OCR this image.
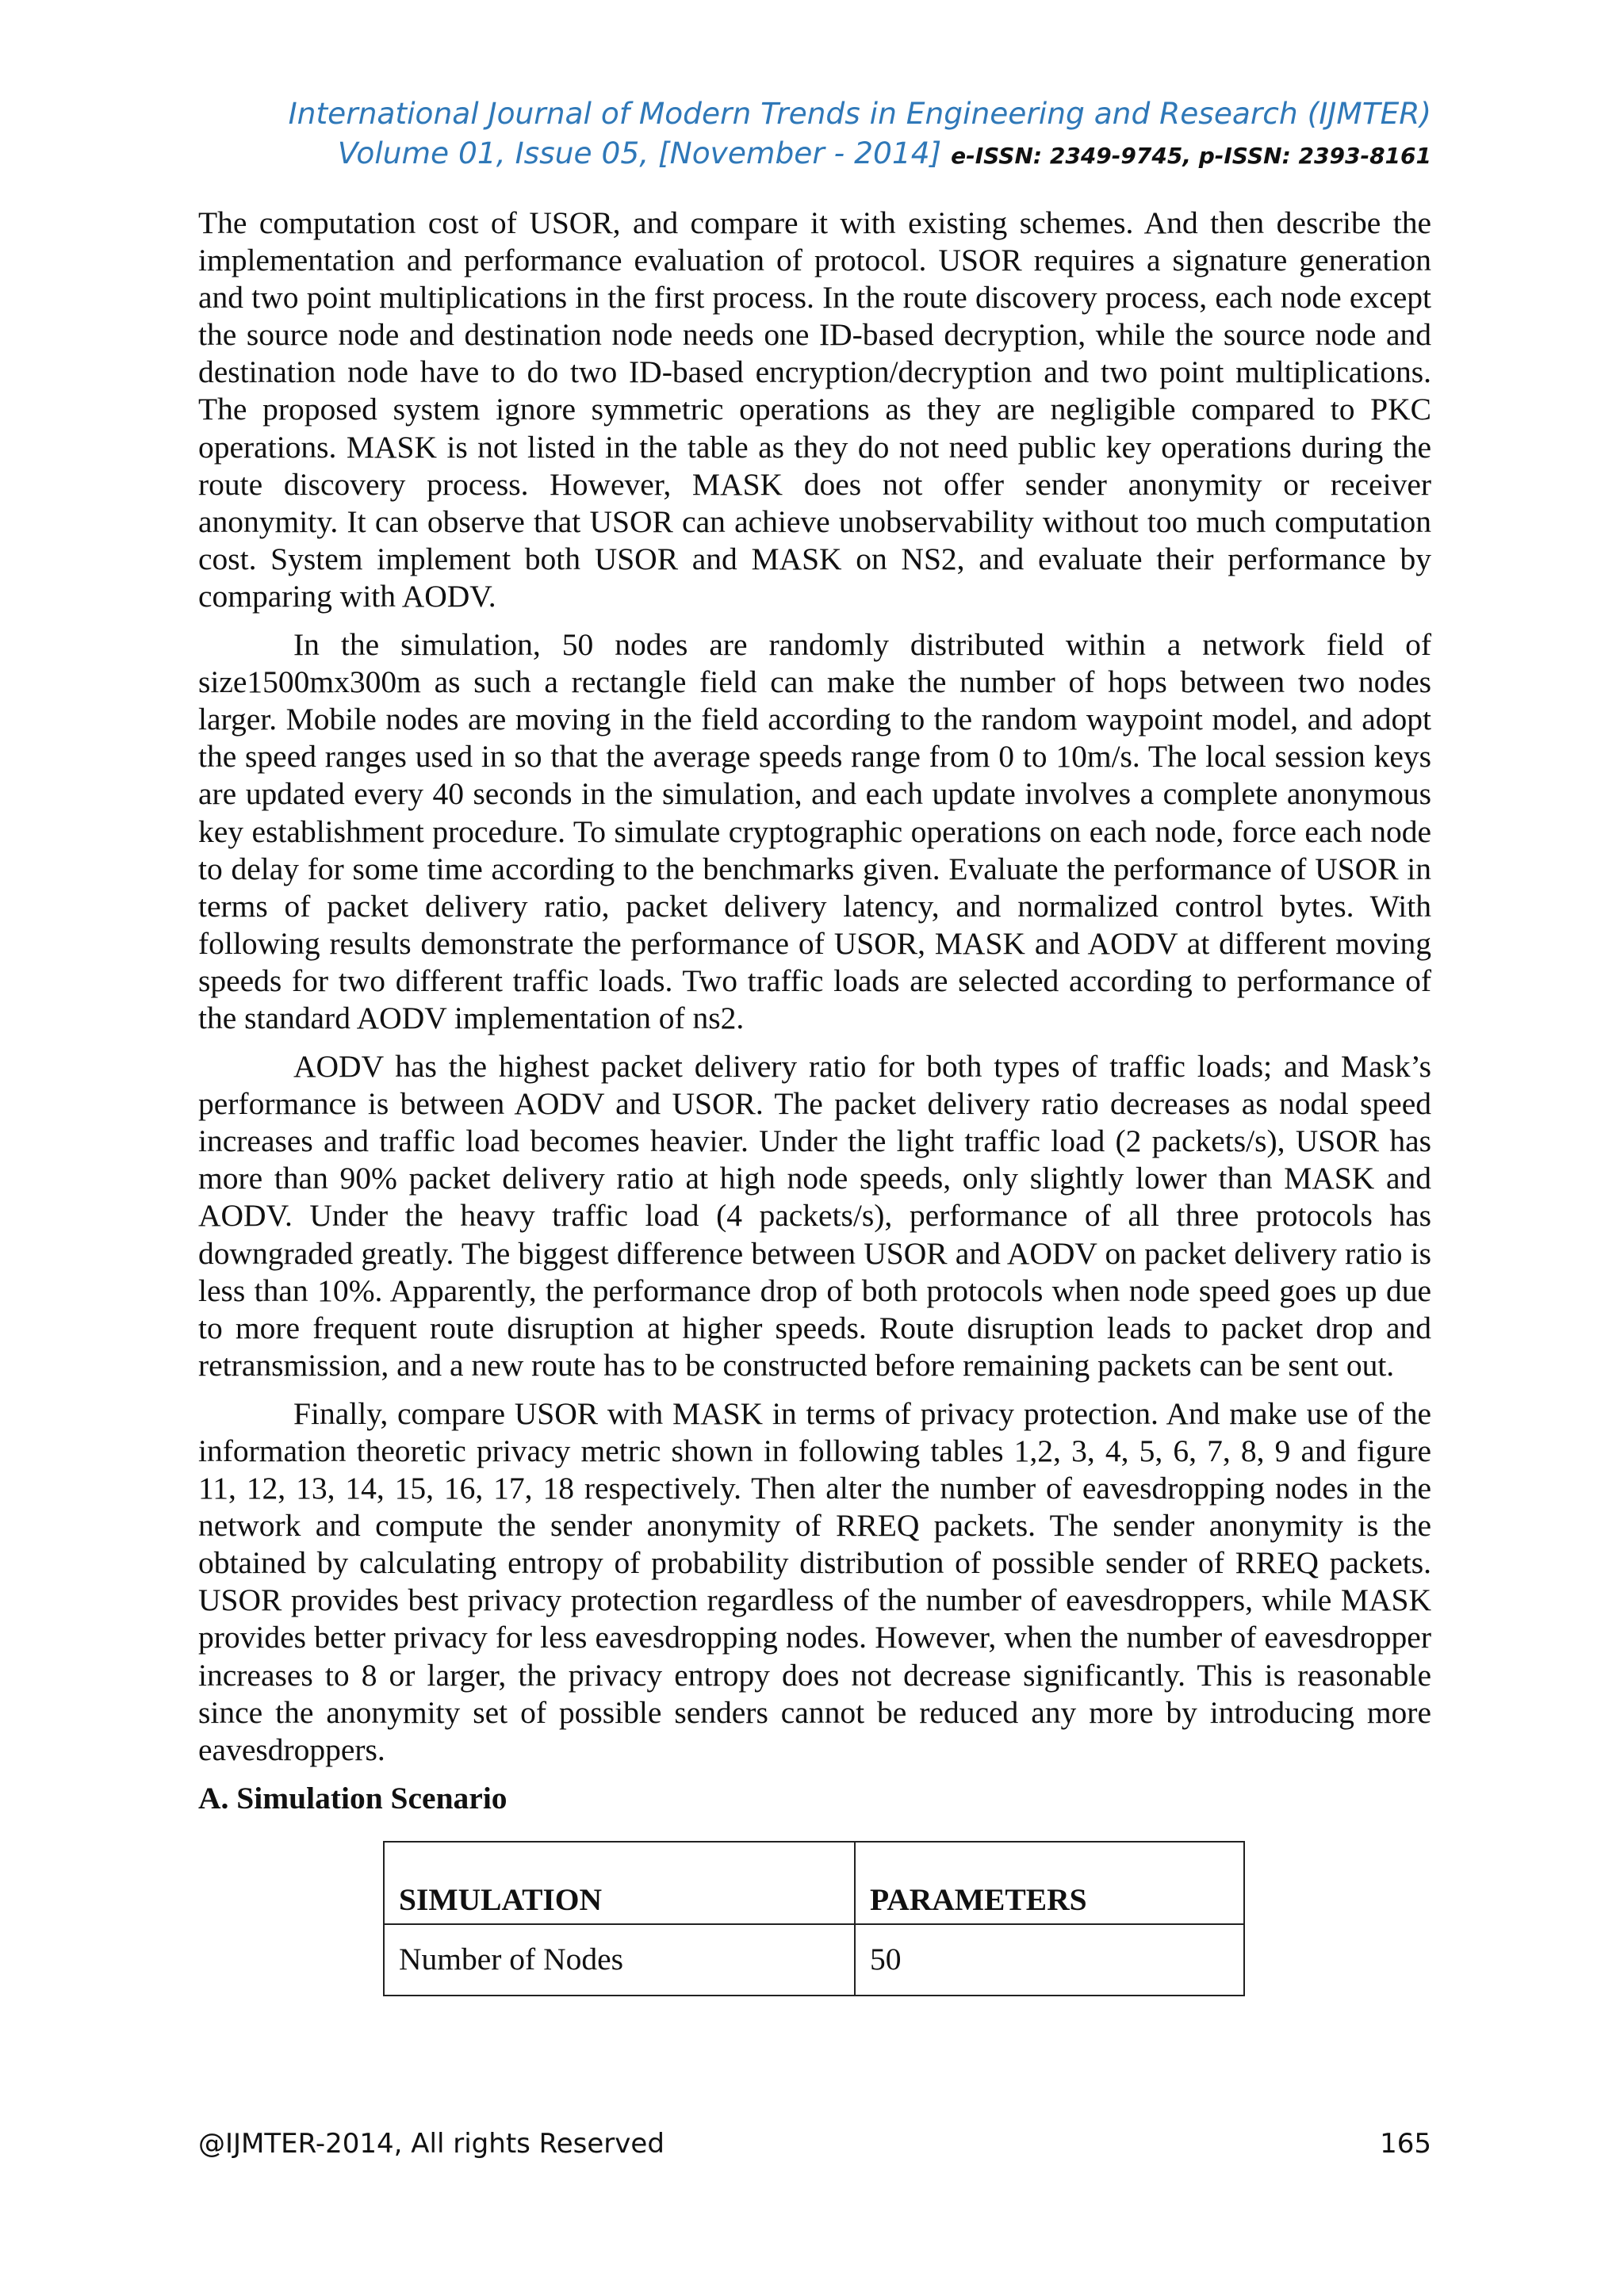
International Journal of Modern Trends in Engineering and Research (IJMTER)
Volume 01, Issue 05, [November - 2014] e-ISSN: 2349-9745, p-ISSN: 2393-8161

The computation cost of USOR, and compare it with existing schemes. And then describe the implementation and performance evaluation of protocol. USOR requires a signature generation and two point multiplications in the first process. In the route discovery process, each node except the source node and destination node needs one ID-based decryption, while the source node and destination node have to do two ID-based encryption/decryption and two point multiplications. The proposed system ignore symmetric operations as they are negligible compared to PKC operations. MASK is not listed in the table as they do not need public key operations during the route discovery process. However, MASK does not offer sender anonymity or receiver anonymity. It can observe that USOR can achieve unobservability without too much computation cost. System implement both USOR and MASK on NS2, and evaluate their performance by comparing with AODV.

In the simulation, 50 nodes are randomly distributed within a network field of size1500mx300m as such a rectangle field can make the number of hops between two nodes larger. Mobile nodes are moving in the field according to the random waypoint model, and adopt the speed ranges used in so that the average speeds range from 0 to 10m/s. The local session keys are updated every 40 seconds in the simulation, and each update involves a complete anonymous key establishment procedure. To simulate cryptographic operations on each node, force each node to delay for some time according to the benchmarks given. Evaluate the performance of USOR in terms of packet delivery ratio, packet delivery latency, and normalized control bytes. With following results demonstrate the performance of USOR, MASK and AODV at different moving speeds for two different traffic loads. Two traffic loads are selected according to performance of the standard AODV implementation of ns2.

AODV has the highest packet delivery ratio for both types of traffic loads; and Mask’s performance is between AODV and USOR. The packet delivery ratio decreases as nodal speed increases and traffic load becomes heavier. Under the light traffic load (2 packets/s), USOR has more than 90% packet delivery ratio at high node speeds, only slightly lower than MASK and AODV. Under the heavy traffic load (4 packets/s), performance of all three protocols has downgraded greatly. The biggest difference between USOR and AODV on packet delivery ratio is less than 10%. Apparently, the performance drop of both protocols when node speed goes up due to more frequent route disruption at higher speeds. Route disruption leads to packet drop and retransmission, and a new route has to be constructed before remaining packets can be sent out.

Finally, compare USOR with MASK in terms of privacy protection. And make use of the information theoretic privacy metric shown in following tables 1,2, 3, 4, 5, 6, 7, 8, 9 and figure 11, 12, 13, 14, 15, 16, 17, 18 respectively. Then alter the number of eavesdropping nodes in the network and compute the sender anonymity of RREQ packets. The sender anonymity is the obtained by calculating entropy of probability distribution of possible sender of RREQ packets. USOR provides best privacy protection regardless of the number of eavesdroppers, while MASK provides better privacy for less eavesdropping nodes. However, when the number of eavesdropper increases to 8 or larger, the privacy entropy does not decrease significantly. This is reasonable since the anonymity set of possible senders cannot be reduced any more by introducing more eavesdroppers.

A. Simulation Scenario
SIMULATION	PARAMETERS
Number of Nodes	50
@IJMTER-2014, All rights Reserved	165
